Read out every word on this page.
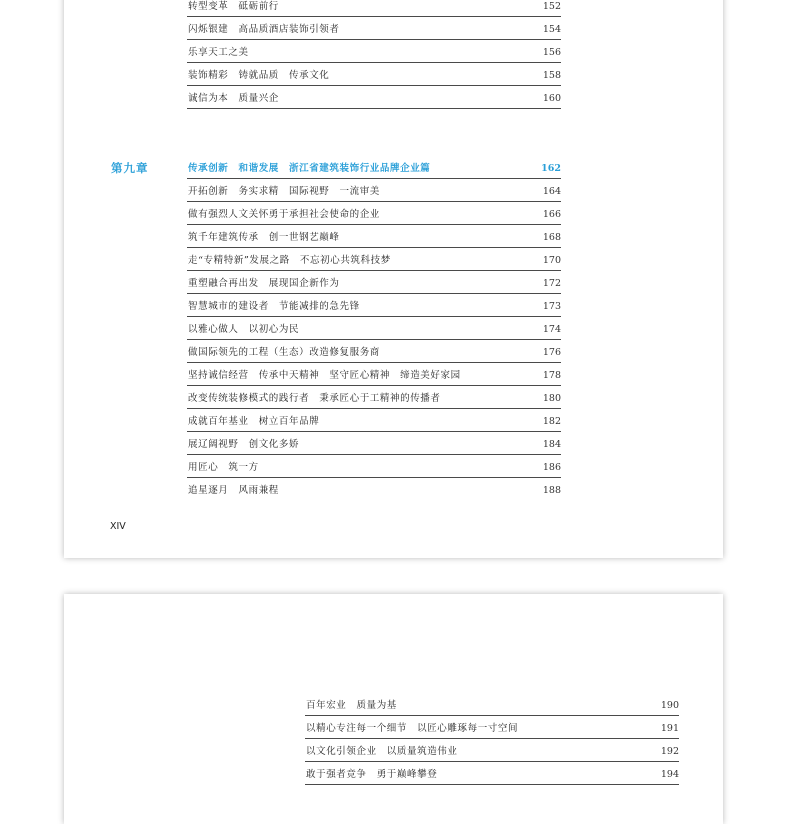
转型变革　砥砺前行	152
闪烁银建　高品质酒店装饰引领者	154
乐享天工之美	156
装饰精彩　铸就品质　传承文化	158
诚信为本　质量兴企	160
第九章	传承创新　和谐发展　浙江省建筑装饰行业品牌企业篇	162
开拓创新　务实求精　国际视野　一流审美	164
做有强烈人文关怀勇于承担社会使命的企业	166
筑千年建筑传承　创一世钢艺巅峰	168
走“专精特新”发展之路　不忘初心共筑科技梦	170
重塑融合再出发　展现国企新作为	172
智慧城市的建设者　节能减排的急先锋	173
以雅心做人　以初心为民	174
做国际领先的工程（生态）改造修复服务商	176
坚持诚信经营　传承中天精神　坚守匠心精神　缔造美好家园	178
改变传统装修模式的践行者　秉承匠心于工精神的传播者	180
成就百年基业　树立百年品牌	182
展辽阔视野　创文化多娇	184
用匠心　筑一方	186
追星逐月　风雨兼程	188
XIV
百年宏业　质量为基	190
以精心专注每一个细节　以匠心雕琢每一寸空间	191
以文化引领企业　以质量筑造伟业	192
敢于强者竞争　勇于巅峰攀登	194
